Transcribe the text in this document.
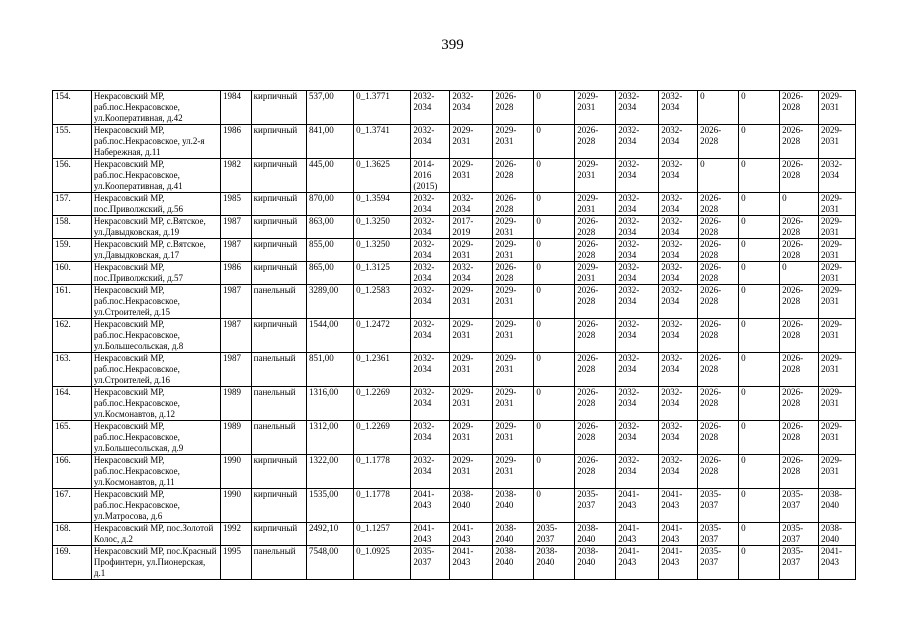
399
154.	Некрасовский МР, раб.пос.Некрасовское, ул.Кооперативная, д.42	1984	кирпичный	537,00	0_1.3771	2032-2034	2032-2034	2026-2028	0	2029-2031	2032-2034	2032-2034	0	0	2026-2028	2029-2031
155.	Некрасовский МР, раб.пос.Некрасовское, ул.2-я Набережная, д.11	1986	кирпичный	841,00	0_1.3741	2032-2034	2029-2031	2029-2031	0	2026-2028	2032-2034	2032-2034	2026-2028	0	2026-2028	2029-2031
156.	Некрасовский МР, раб.пос.Некрасовское, ул.Кооперативная, д.41	1982	кирпичный	445,00	0_1.3625	2014-2016 (2015)	2029-2031	2026-2028	0	2029-2031	2032-2034	2032-2034	0	0	2026-2028	2032-2034
157.	Некрасовский МР, пос.Приволжский, д.56	1985	кирпичный	870,00	0_1.3594	2032-2034	2032-2034	2026-2028	0	2029-2031	2032-2034	2032-2034	2026-2028	0	0	2029-2031
158.	Некрасовский МР, с.Вятское, ул.Давыдковская, д.19	1987	кирпичный	863,00	0_1.3250	2032-2034	2017-2019	2029-2031	0	2026-2028	2032-2034	2032-2034	2026-2028	0	2026-2028	2029-2031
159.	Некрасовский МР, с.Вятское, ул.Давыдковская, д.17	1987	кирпичный	855,00	0_1.3250	2032-2034	2029-2031	2029-2031	0	2026-2028	2032-2034	2032-2034	2026-2028	0	2026-2028	2029-2031
160.	Некрасовский МР, пос.Приволжский, д.57	1986	кирпичный	865,00	0_1.3125	2032-2034	2032-2034	2026-2028	0	2029-2031	2032-2034	2032-2034	2026-2028	0	0	2029-2031
161.	Некрасовский МР, раб.пос.Некрасовское, ул.Строителей, д.15	1987	панельный	3289,00	0_1.2583	2032-2034	2029-2031	2029-2031	0	2026-2028	2032-2034	2032-2034	2026-2028	0	2026-2028	2029-2031
162.	Некрасовский МР, раб.пос.Некрасовское, ул.Большесольская, д.8	1987	кирпичный	1544,00	0_1.2472	2032-2034	2029-2031	2029-2031	0	2026-2028	2032-2034	2032-2034	2026-2028	0	2026-2028	2029-2031
163.	Некрасовский МР, раб.пос.Некрасовское, ул.Строителей, д.16	1987	панельный	851,00	0_1.2361	2032-2034	2029-2031	2029-2031	0	2026-2028	2032-2034	2032-2034	2026-2028	0	2026-2028	2029-2031
164.	Некрасовский МР, раб.пос.Некрасовское, ул.Космонавтов, д.12	1989	панельный	1316,00	0_1.2269	2032-2034	2029-2031	2029-2031	0	2026-2028	2032-2034	2032-2034	2026-2028	0	2026-2028	2029-2031
165.	Некрасовский МР, раб.пос.Некрасовское, ул.Большесольская, д.9	1989	панельный	1312,00	0_1.2269	2032-2034	2029-2031	2029-2031	0	2026-2028	2032-2034	2032-2034	2026-2028	0	2026-2028	2029-2031
166.	Некрасовский МР, раб.пос.Некрасовское, ул.Космонавтов, д.11	1990	кирпичный	1322,00	0_1.1778	2032-2034	2029-2031	2029-2031	0	2026-2028	2032-2034	2032-2034	2026-2028	0	2026-2028	2029-2031
167.	Некрасовский МР, раб.пос.Некрасовское, ул.Матросова, д.6	1990	кирпичный	1535,00	0_1.1778	2041-2043	2038-2040	2038-2040	0	2035-2037	2041-2043	2041-2043	2035-2037	0	2035-2037	2038-2040
168.	Некрасовский МР, пос.Золотой Колос, д.2	1992	кирпичный	2492,10	0_1.1257	2041-2043	2041-2043	2038-2040	2035-2037	2038-2040	2041-2043	2041-2043	2035-2037	0	2035-2037	2038-2040
169.	Некрасовский МР, пос.Красный Профинтерн, ул.Пионерская, д.1	1995	панельный	7548,00	0_1.0925	2035-2037	2041-2043	2038-2040	2038-2040	2038-2040	2041-2043	2041-2043	2035-2037	0	2035-2037	2041-2043
